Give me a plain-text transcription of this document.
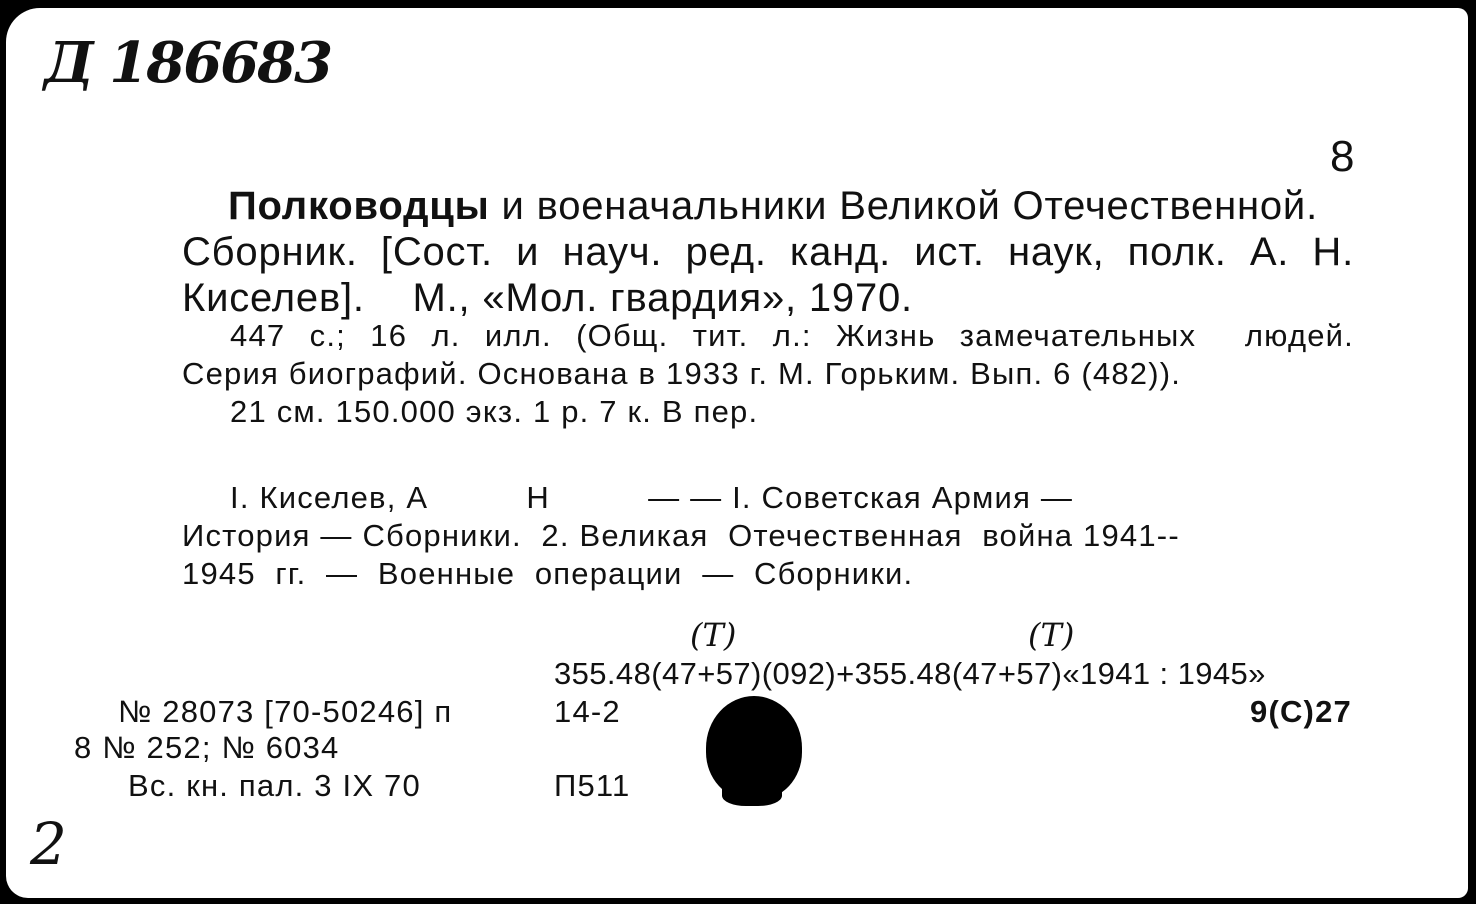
Д 186683
8
Полководцы и военачальники Великой Отечественной.
Сборник. [Сост. и науч. ред. канд. ист. наук, полк. А. Н.
Киселев].    М., «Мол. гвардия», 1970.
447 с.; 16 л. илл. (Общ. тит. л.: Жизнь замечательных  людей.
Серия биографий. Основана в 1933 г. М. Горьким. Вып. 6 (482)).
21 см. 150.000 экз. 1 р. 7 к. В пер.
I. Киселев, А          Н          — — I. Советская Армия —
История — Сборники.  2. Великая  Отечественная  война 1941--
1945  гг.  —  Военные  операции  —  Сборники.
(T)	(T)
355.48(47+57)(092)+355.48(47+57)«1941 : 1945»
14-2	9(С)27
П511
№ 28073 [70-50246] п
8 № 252; № 6034
Вс. кн. пал. 3 IX 70
2
